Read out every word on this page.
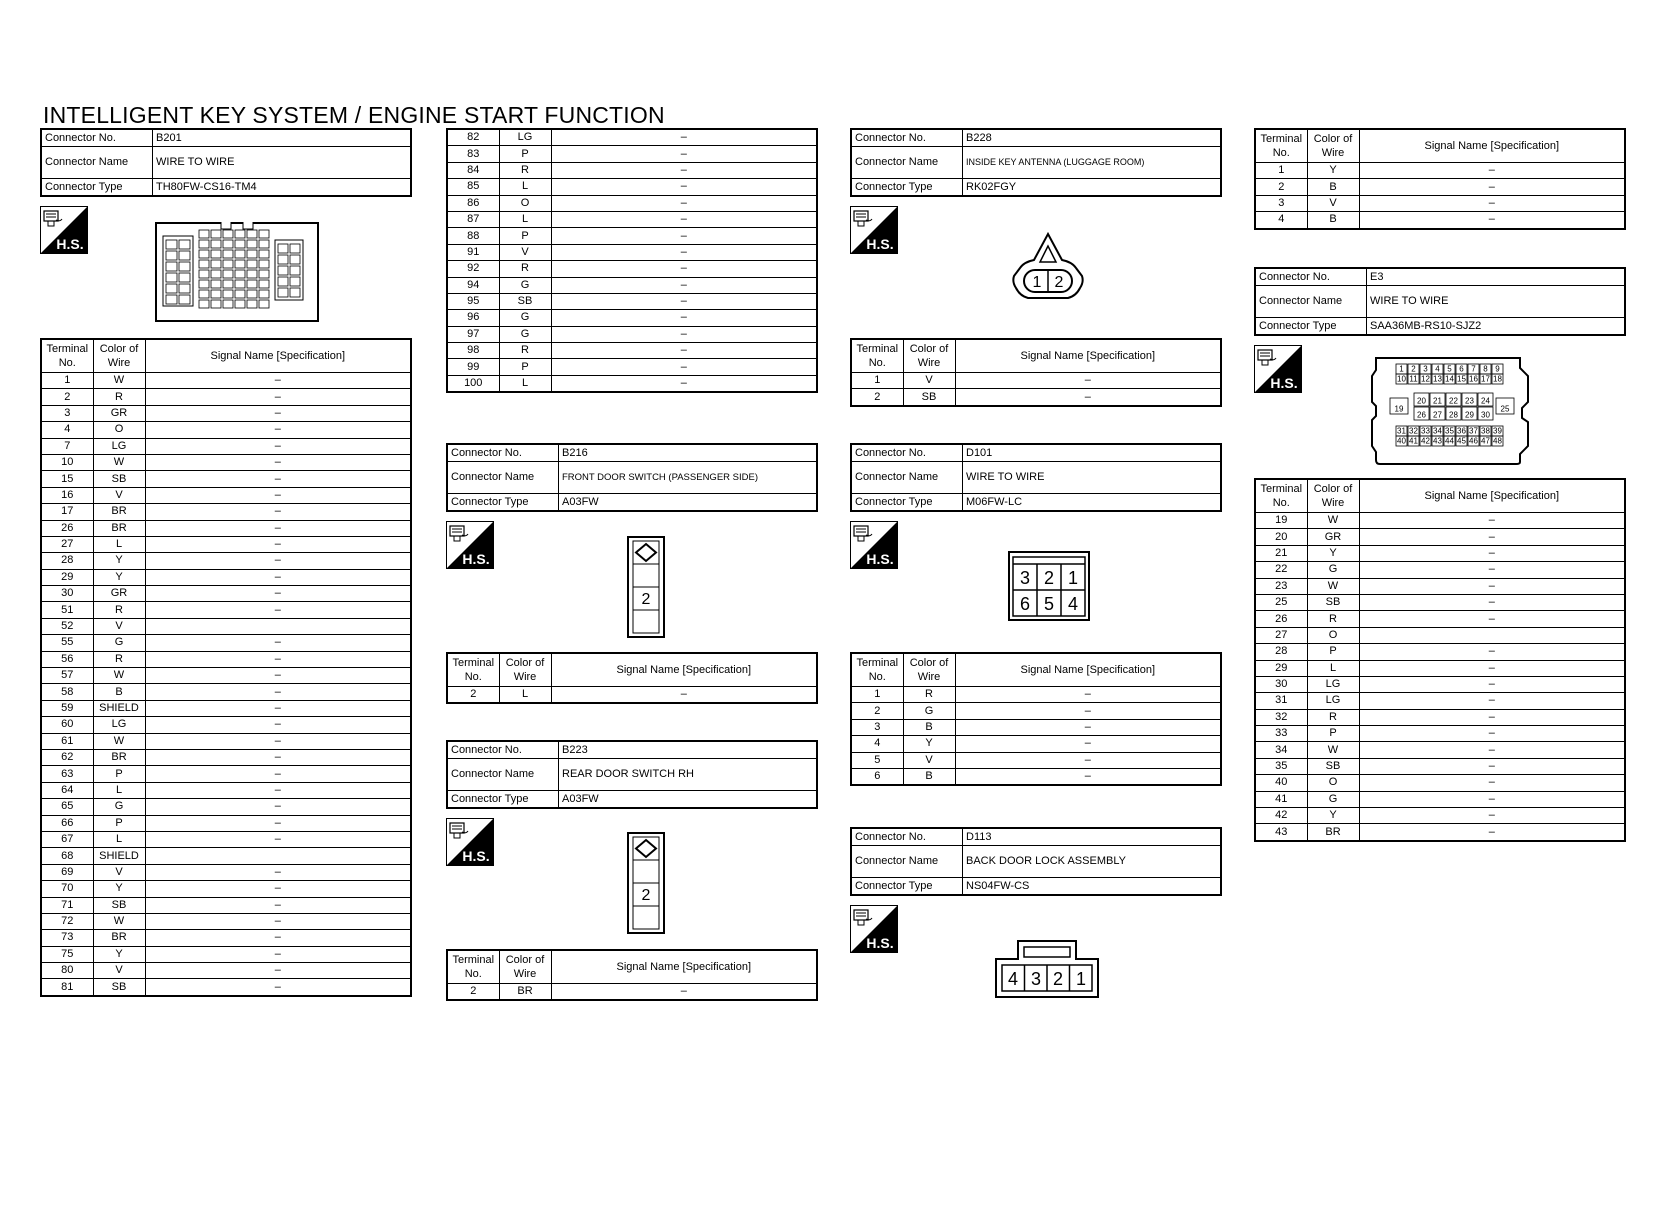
INTELLIGENT KEY SYSTEM / ENGINE START FUNCTION
Connector No.	B201
Connector Name	WIRE TO WIRE
Connector Type	TH80FW-CS16-TM4
H.S.
Terminal No.	Color of Wire	Signal Name [Specification]
1	W	–
2	R	–
3	GR	–
4	O	–
7	LG	–
10	W	–
15	SB	–
16	V	–
17	BR	–
26	BR	–
27	L	–
28	Y	–
29	Y	–
30	GR	–
51	R	–
52	V	
55	G	–
56	R	–
57	W	–
58	B	–
59	SHIELD	–
60	LG	–
61	W	–
62	BR	–
63	P	–
64	L	–
65	G	–
66	P	–
67	L	–
68	SHIELD	
69	V	–
70	Y	–
71	SB	–
72	W	–
73	BR	–
75	Y	–
80	V	–
81	SB	–
82	LG	–
83	P	–
84	R	–
85	L	–
86	O	–
87	L	–
88	P	–
91	V	–
92	R	–
94	G	–
95	SB	–
96	G	–
97	G	–
98	R	–
99	P	–
100	L	–
Connector No.	B216
Connector Name	FRONT DOOR SWITCH (PASSENGER SIDE)
Connector Type	A03FW
H.S.
2
Terminal No.	Color of Wire	Signal Name [Specification]
2	L	–
Connector No.	B223
Connector Name	REAR DOOR SWITCH RH
Connector Type	A03FW
H.S.
2
Terminal No.	Color of Wire	Signal Name [Specification]
2	BR	–
Connector No.	B228
Connector Name	INSIDE KEY ANTENNA (LUGGAGE ROOM)
Connector Type	RK02FGY
H.S.
1 2
Terminal No.	Color of Wire	Signal Name [Specification]
1	V	–
2	SB	–
Connector No.	D101
Connector Name	WIRE TO WIRE
Connector Type	M06FW-LC
H.S.
3 2 1
6 5 4
Terminal No.	Color of Wire	Signal Name [Specification]
1	R	–
2	G	–
3	B	–
4	Y	–
5	V	–
6	B	–
Connector No.	D113
Connector Name	BACK DOOR LOCK ASSEMBLY
Connector Type	NS04FW-CS
H.S.
4 3 2 1
Terminal No.	Color of Wire	Signal Name [Specification]
1	Y	–
2	B	–
3	V	–
4	B	–
Connector No.	E3
Connector Name	WIRE TO WIRE
Connector Type	SAA36MB-RS10-SJZ2
H.S.
1 2 3 4 5 6 7 8 9
10 11 12 13 14 15 16 17 18
31 32 33 34 35 36 37 38 39
40 41 42 43 44 45 46 47 48
20 21 22 23 24
26 27 28 29 30
19	25
Terminal No.	Color of Wire	Signal Name [Specification]
19	W	–
20	GR	–
21	Y	–
22	G	–
23	W	–
25	SB	–
26	R	–
27	O	
28	P	–
29	L	–
30	LG	–
31	LG	–
32	R	–
33	P	–
34	W	–
35	SB	–
40	O	–
41	G	–
42	Y	–
43	BR	–
